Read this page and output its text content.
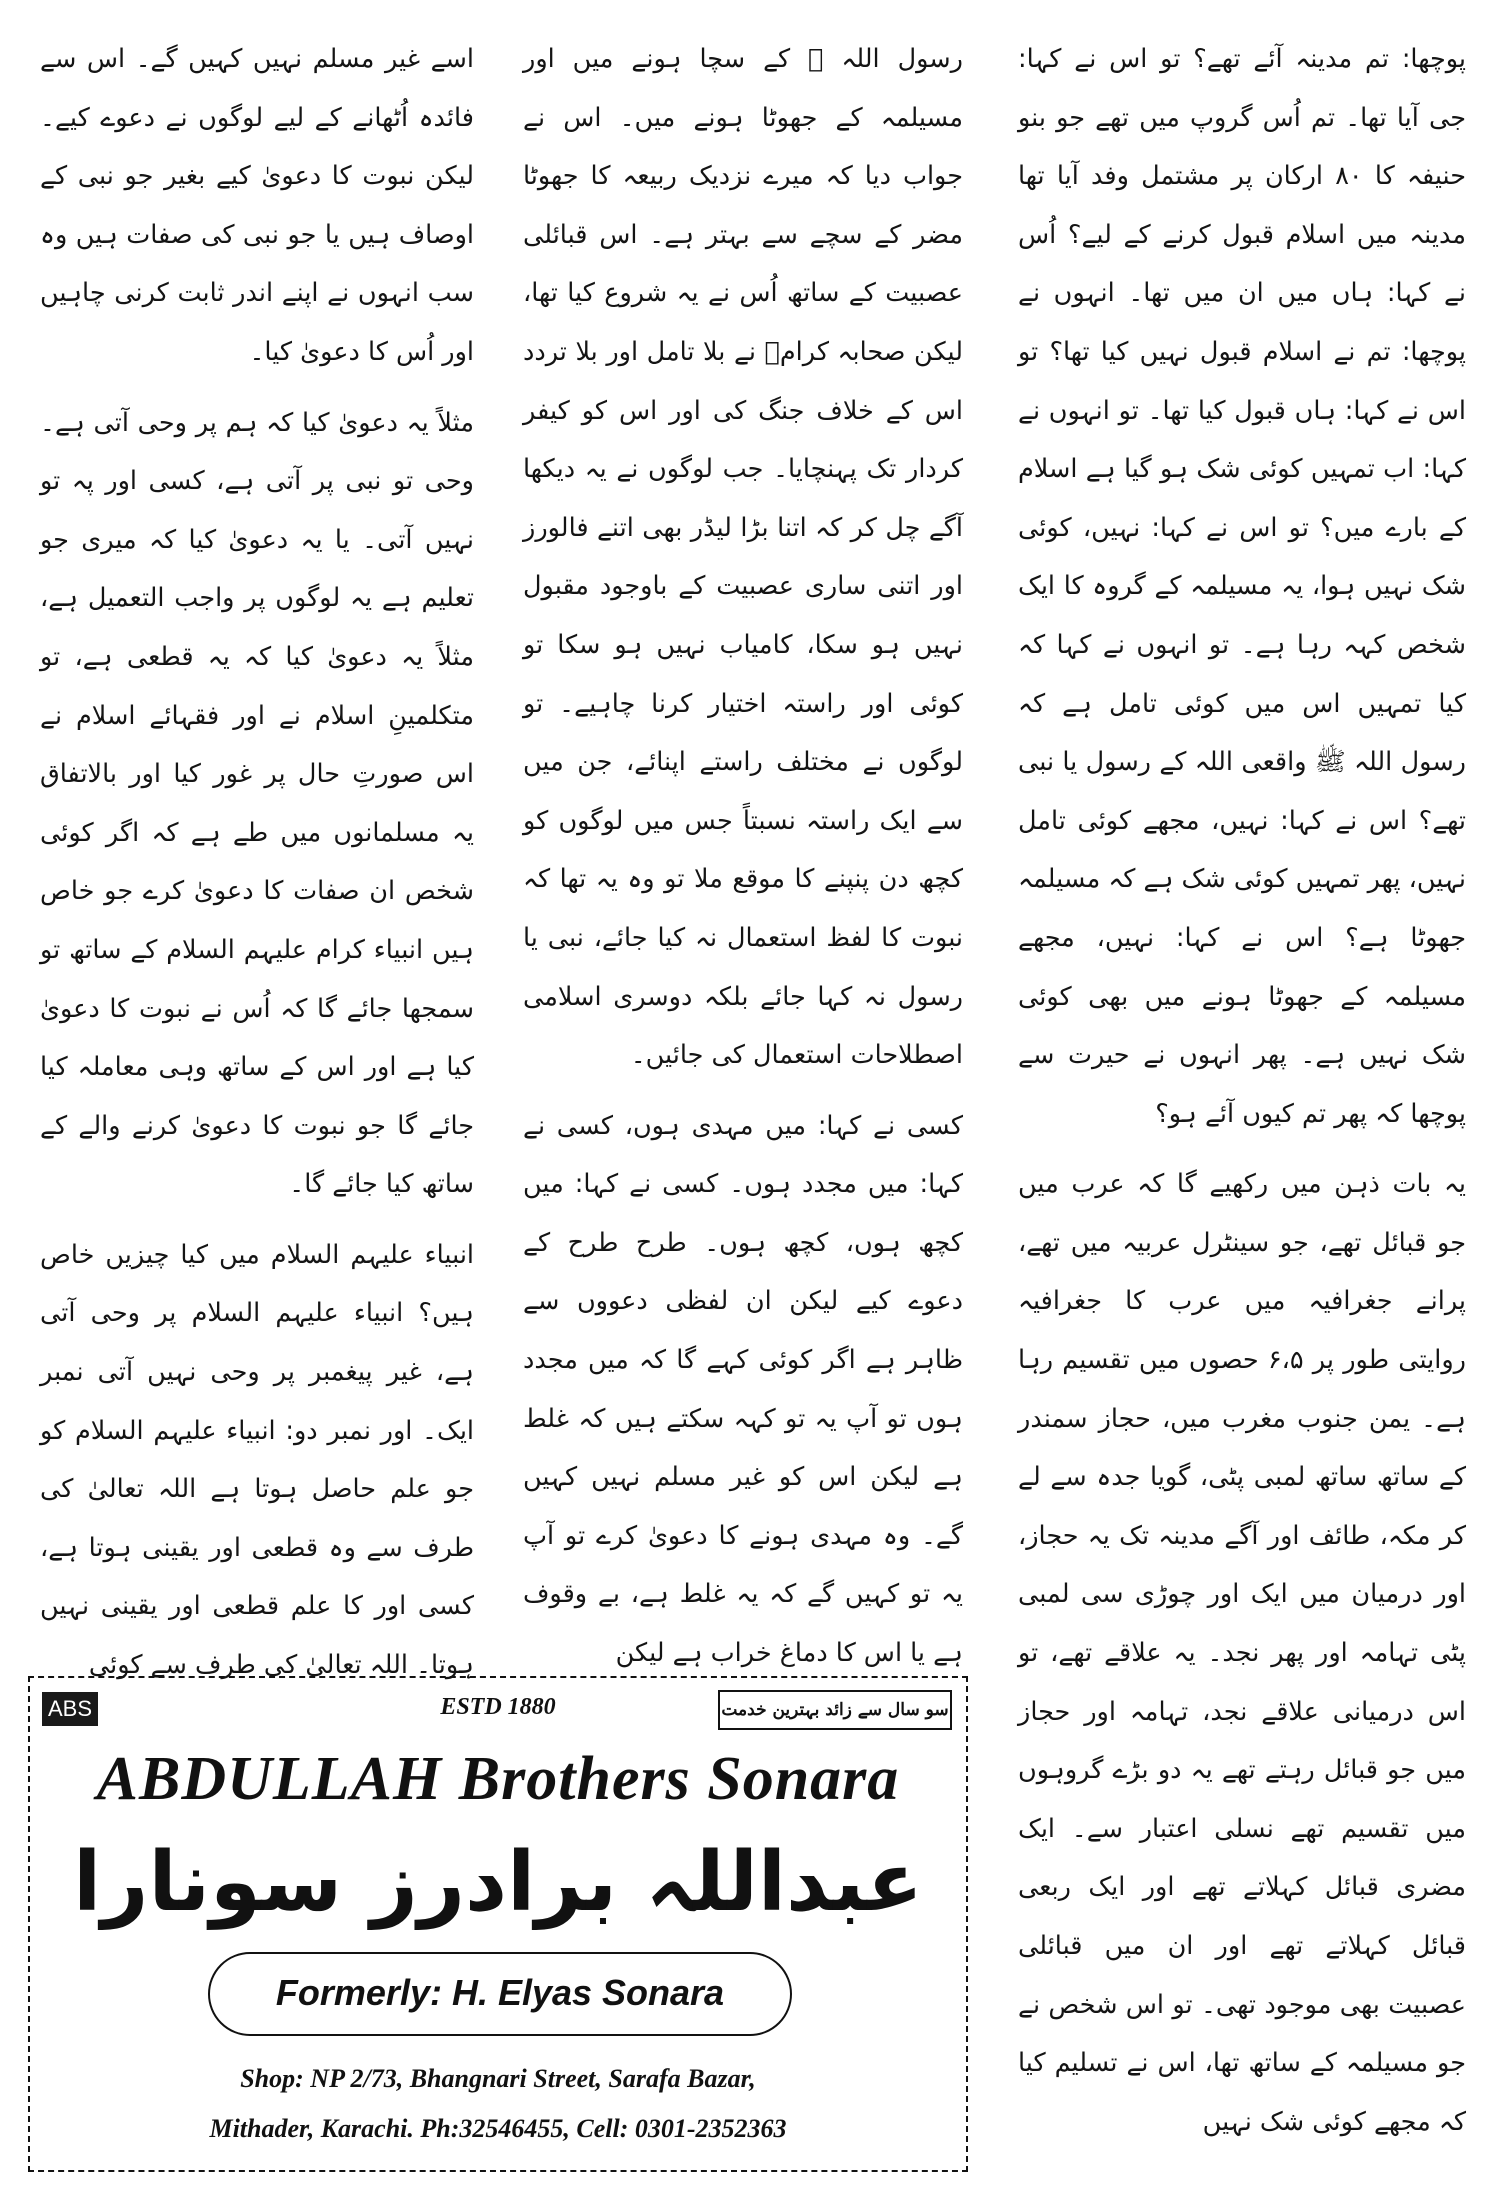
پوچھا: تم مدینہ آئے تھے؟ تو اس نے کہا: جی آیا تھا۔ تم اُس گروپ میں تھے جو بنو حنیفہ کا ۸۰ ارکان پر مشتمل وفد آیا تھا مدینہ میں اسلام قبول کرنے کے لیے؟ اُس نے کہا: ہاں میں ان میں تھا۔ انہوں نے پوچھا: تم نے اسلام قبول نہیں کیا تھا؟ تو اس نے کہا: ہاں قبول کیا تھا۔ تو انہوں نے کہا: اب تمہیں کوئی شک ہو گیا ہے اسلام کے بارے میں؟ تو اس نے کہا: نہیں، کوئی شک نہیں ہوا، یہ مسیلمہ کے گروہ کا ایک شخص کہہ رہا ہے۔ تو انہوں نے کہا کہ کیا تمہیں اس میں کوئی تامل ہے کہ رسول اللہ ﷺ واقعی اللہ کے رسول یا نبی تھے؟ اس نے کہا: نہیں، مجھے کوئی تامل نہیں، پھر تمہیں کوئی شک ہے کہ مسیلمہ جھوٹا ہے؟ اس نے کہا: نہیں، مجھے مسیلمہ کے جھوٹا ہونے میں بھی کوئی شک نہیں ہے۔ پھر انہوں نے حیرت سے پوچھا کہ پھر تم کیوں آئے ہو؟

یہ بات ذہن میں رکھیے گا کہ عرب میں جو قبائل تھے، جو سینٹرل عربیہ میں تھے، پرانے جغرافیہ میں عرب کا جغرافیہ روایتی طور پر ۶،۵ حصوں میں تقسیم رہا ہے۔ یمن جنوب مغرب میں، حجاز سمندر کے ساتھ ساتھ لمبی پٹی، گویا جدہ سے لے کر مکہ، طائف اور آگے مدینہ تک یہ حجاز، اور درمیان میں ایک اور چوڑی سی لمبی پٹی تہامہ اور پھر نجد۔ یہ علاقے تھے، تو اس درمیانی علاقے نجد، تہامہ اور حجاز میں جو قبائل رہتے تھے یہ دو بڑے گروہوں میں تقسیم تھے نسلی اعتبار سے۔ ایک مضری قبائل کہلاتے تھے اور ایک ربعی قبائل کہلاتے تھے اور ان میں قبائلی عصبیت بھی موجود تھی۔ تو اس شخص نے جو مسیلمہ کے ساتھ تھا، اس نے تسلیم کیا کہ مجھے کوئی شک نہیں

رسول اللہ ﷺ کے سچا ہونے میں اور مسیلمہ کے جھوٹا ہونے میں۔ اس نے جواب دیا کہ میرے نزدیک ربیعہ کا جھوٹا مضر کے سچے سے بہتر ہے۔ اس قبائلی عصبیت کے ساتھ اُس نے یہ شروع کیا تھا، لیکن صحابہ کرامؓ نے بلا تامل اور بلا تردد اس کے خلاف جنگ کی اور اس کو کیفر کردار تک پہنچایا۔ جب لوگوں نے یہ دیکھا آگے چل کر کہ اتنا بڑا لیڈر بھی اتنے فالورز اور اتنی ساری عصبیت کے باوجود مقبول نہیں ہو سکا، کامیاب نہیں ہو سکا تو کوئی اور راستہ اختیار کرنا چاہیے۔ تو لوگوں نے مختلف راستے اپنائے، جن میں سے ایک راستہ نسبتاً جس میں لوگوں کو کچھ دن پنپنے کا موقع ملا تو وہ یہ تھا کہ نبوت کا لفظ استعمال نہ کیا جائے، نبی یا رسول نہ کہا جائے بلکہ دوسری اسلامی اصطلاحات استعمال کی جائیں۔

کسی نے کہا: میں مہدی ہوں، کسی نے کہا: میں مجدد ہوں۔ کسی نے کہا: میں کچھ ہوں، کچھ ہوں۔ طرح طرح کے دعوے کیے لیکن ان لفظی دعووں سے ظاہر ہے اگر کوئی کہے گا کہ میں مجدد ہوں تو آپ یہ تو کہہ سکتے ہیں کہ غلط ہے لیکن اس کو غیر مسلم نہیں کہیں گے۔ وہ مہدی ہونے کا دعویٰ کرے تو آپ یہ تو کہیں گے کہ یہ غلط ہے، بے وقوف ہے یا اس کا دماغ خراب ہے لیکن

اسے غیر مسلم نہیں کہیں گے۔ اس سے فائدہ اُٹھانے کے لیے لوگوں نے دعوے کیے۔ لیکن نبوت کا دعویٰ کیے بغیر جو نبی کے اوصاف ہیں یا جو نبی کی صفات ہیں وہ سب انہوں نے اپنے اندر ثابت کرنی چاہیں اور اُس کا دعویٰ کیا۔

مثلاً یہ دعویٰ کیا کہ ہم پر وحی آتی ہے۔ وحی تو نبی پر آتی ہے، کسی اور پہ تو نہیں آتی۔ یا یہ دعویٰ کیا کہ میری جو تعلیم ہے یہ لوگوں پر واجب التعمیل ہے، مثلاً یہ دعویٰ کیا کہ یہ قطعی ہے، تو متکلمینِ اسلام نے اور فقہائے اسلام نے اس صورتِ حال پر غور کیا اور بالاتفاق یہ مسلمانوں میں طے ہے کہ اگر کوئی شخص ان صفات کا دعویٰ کرے جو خاص ہیں انبیاء کرام علیہم السلام کے ساتھ تو سمجھا جائے گا کہ اُس نے نبوت کا دعویٰ کیا ہے اور اس کے ساتھ وہی معاملہ کیا جائے گا جو نبوت کا دعویٰ کرنے والے کے ساتھ کیا جائے گا۔

انبیاء علیہم السلام میں کیا چیزیں خاص ہیں؟ انبیاء علیہم السلام پر وحی آتی ہے، غیر پیغمبر پر وحی نہیں آتی نمبر ایک۔ اور نمبر دو: انبیاء علیہم السلام کو جو علم حاصل ہوتا ہے اللہ تعالیٰ کی طرف سے وہ قطعی اور یقینی ہوتا ہے، کسی اور کا علم قطعی اور یقینی نہیں ہوتا۔ اللہ تعالیٰ کی طرف سے کوئی

ABS	ESTD 1880	سو سال سے زائد بہترین خدمت
ABDULLAH Brothers Sonara
عبداللہ برادرز سونارا
Formerly: H. Elyas Sonara
Shop: NP 2/73, Bhangnari Street, Sarafa Bazar,
Mithader, Karachi. Ph:32546455, Cell: 0301-2352363
